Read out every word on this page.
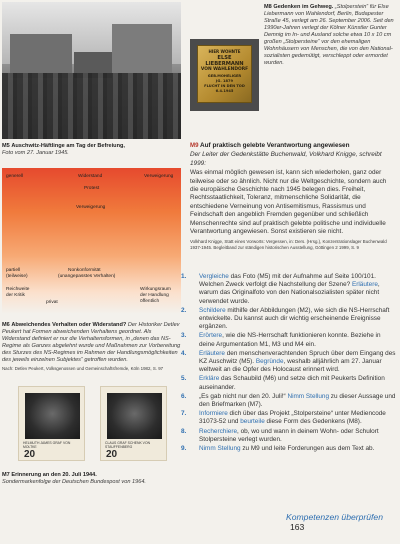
M5 Auschwitz-Häftlinge am Tag der Befreiung,
Foto vom 27. Januar 1945.
HIER WOHNTE
ELSE LIEBERMANN
VON WAHLENDORF
GEB.MOHELIGER
JG. 1879
FLUCHT IN DEN TOD
6.4.1945
M8 Gedenken im Gehweg. „Stolperstein“ für Else Liebermann von Wahlendorf, Berlin, Budapester Straße 45, verlegt am 26. September 2006. Seit den 1990er-Jahren verlegt der Kölner Künstler Gunter Demnig im In- und Ausland solche etwa 10 x 10 cm großen „Stolpersteine“ vor den ehemaligen Wohnhäusern von Menschen, die von den Nationalsozialisten gedemütigt, verschleppt oder ermordet wurden.
M9 Auf praktisch gelebte Verantwortung angewiesen
Der Leiter der Gedenkstätte Buchenwald, Volkhard Knigge, schreibt 1999:
Was einmal möglich gewesen ist, kann sich wiederholen, ganz oder teilweise oder so ähnlich. Nicht nur die Weltgeschichte, sondern auch die europäische Geschichte nach 1945 belegen dies. Freiheit, Rechtsstaatlichkeit, Toleranz, mitmenschliche Solidarität, die entschiedene Verneinung von Antisemitismus, Rassismus und Feindschaft den angeblich Fremden gegenüber und schließlich Menschenrechte sind auf praktisch gelebte politische und individuelle Verantwortung angewiesen. Sonst existieren sie nicht.
Volkhard Knigge, Statt eines Vorworts: Vergessen, in: Ders. (Hrsg.), Konzentrationslager Buchenwald 1937-1945. Begleitband zur ständigen historischen Ausstellung, Göttingen 2 1999, S. 9
generell	Widerstand	Verweigerung
Protest
Verweigerung
partiell
(teilweise)
Reichweite
der Kritik
Nonkonformität
(unangepasstes Verhalten)
privat
Wirkungsraum
der Handlung
öffentlich
M6 Abweichendes Verhalten oder Widerstand? Der Historiker Detlev Peukert hat Formen abweichenden Verhaltens geordnet. Als Widerstand definiert er nur die Verhaltensformen, in „denen das NS-Regime als Ganzes abgelehnt wurde und Maßnahmen zur Vorbereitung des Sturzes des NS-Regimes im Rahmen der Handlungsmöglichkeiten des jeweils einzelnen Subjektes“ getroffen wurden.
Nach: Detlev Peukert, Volksgenossen und Gemeinschaftsfremde, Köln 1982, S. 97
HELMUTH JAMES GRAF VON MOLTKE
20
CLAUS GRAF SCHENK VON STAUFFENBERG
20
M7 Erinnerung an den 20. Juli 1944.
Sondermarkenfolge der Deutschen Bundespost von 1964.
1. Vergleiche das Foto (M5) mit der Aufnahme auf Seite 100/101. Welchen Zweck verfolgt die Nachstellung der Szene? Erläutere, warum das Originalfoto von den Nationalsozialisten später nicht verwendet wurde.
2. Schildere mithilfe der Abbildungen (M2), wie sich die NS-Herrschaft entwickelte. Du kannst auch dir wichtig erscheinende Ereignisse ergänzen.
3. Erörtere, wie die NS-Herrschaft funktionieren konnte. Beziehe in deine Argumentation M1, M3 und M4 ein.
4. Erläutere den menschenverachtenden Spruch über dem Eingang des KZ Auschwitz (M5). Begründe, weshalb alljährlich am 27. Januar weltweit an die Opfer des Holocaust erinnert wird.
5. Erkläre das Schaubild (M6) und setze dich mit Peukerts Definition auseinander.
6. „Es gab nicht nur den 20. Juli!“ Nimm Stellung zu dieser Aussage und den Briefmarken (M7).
7. Informiere dich über das Projekt „Stolpersteine“ unter Mediencode 31073-52 und beurteile diese Form des Gedenkens (M8).
8. Recherchiere, ob, wo und wann in deinem Wohn- oder Schulort Stolpersteine verlegt wurden.
9. Nimm Stellung zu M9 und leite Forderungen aus dem Text ab.
Kompetenzen überprüfen 163
